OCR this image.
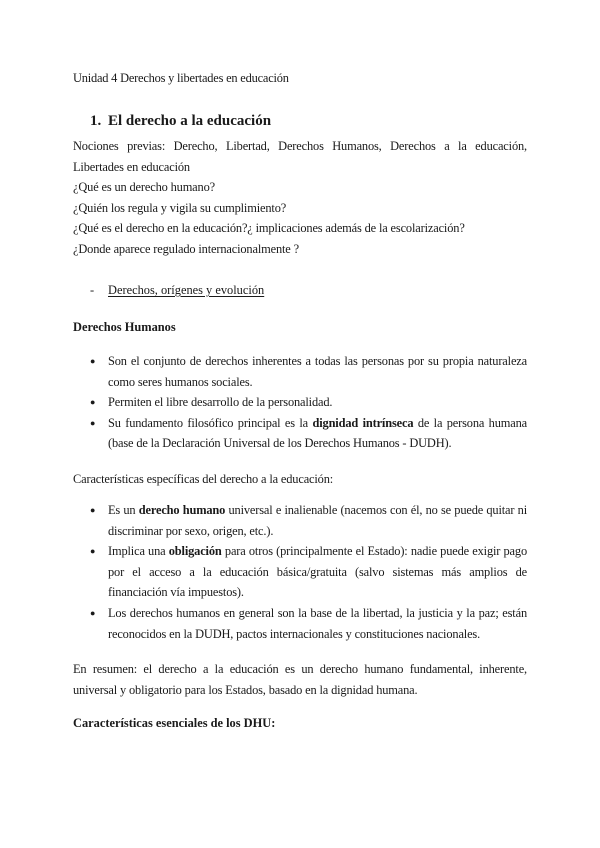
Unidad 4 Derechos y libertades en educación
1. El derecho a la educación
Nociones previas: Derecho, Libertad, Derechos Humanos, Derechos a la educación, Libertades en educación
¿Qué es un derecho humano?
¿Quién los regula y vigila su cumplimiento?
¿Qué es el derecho en la educación?¿ implicaciones además de la escolarización?
¿Donde aparece regulado internacionalmente ?
- Derechos, orígenes y evolución
Derechos Humanos
● Son el conjunto de derechos inherentes a todas las personas por su propia naturaleza como seres humanos sociales.
● Permiten el libre desarrollo de la personalidad.
● Su fundamento filosófico principal es la dignidad intrínseca de la persona humana (base de la Declaración Universal de los Derechos Humanos - DUDH).
Características específicas del derecho a la educación:
● Es un derecho humano universal e inalienable (nacemos con él, no se puede quitar ni discriminar por sexo, origen, etc.).
● Implica una obligación para otros (principalmente el Estado): nadie puede exigir pago por el acceso a la educación básica/gratuita (salvo sistemas más amplios de financiación vía impuestos).
● Los derechos humanos en general son la base de la libertad, la justicia y la paz; están reconocidos en la DUDH, pactos internacionales y constituciones nacionales.
En resumen: el derecho a la educación es un derecho humano fundamental, inherente, universal y obligatorio para los Estados, basado en la dignidad humana.
Características esenciales de los DHU:
